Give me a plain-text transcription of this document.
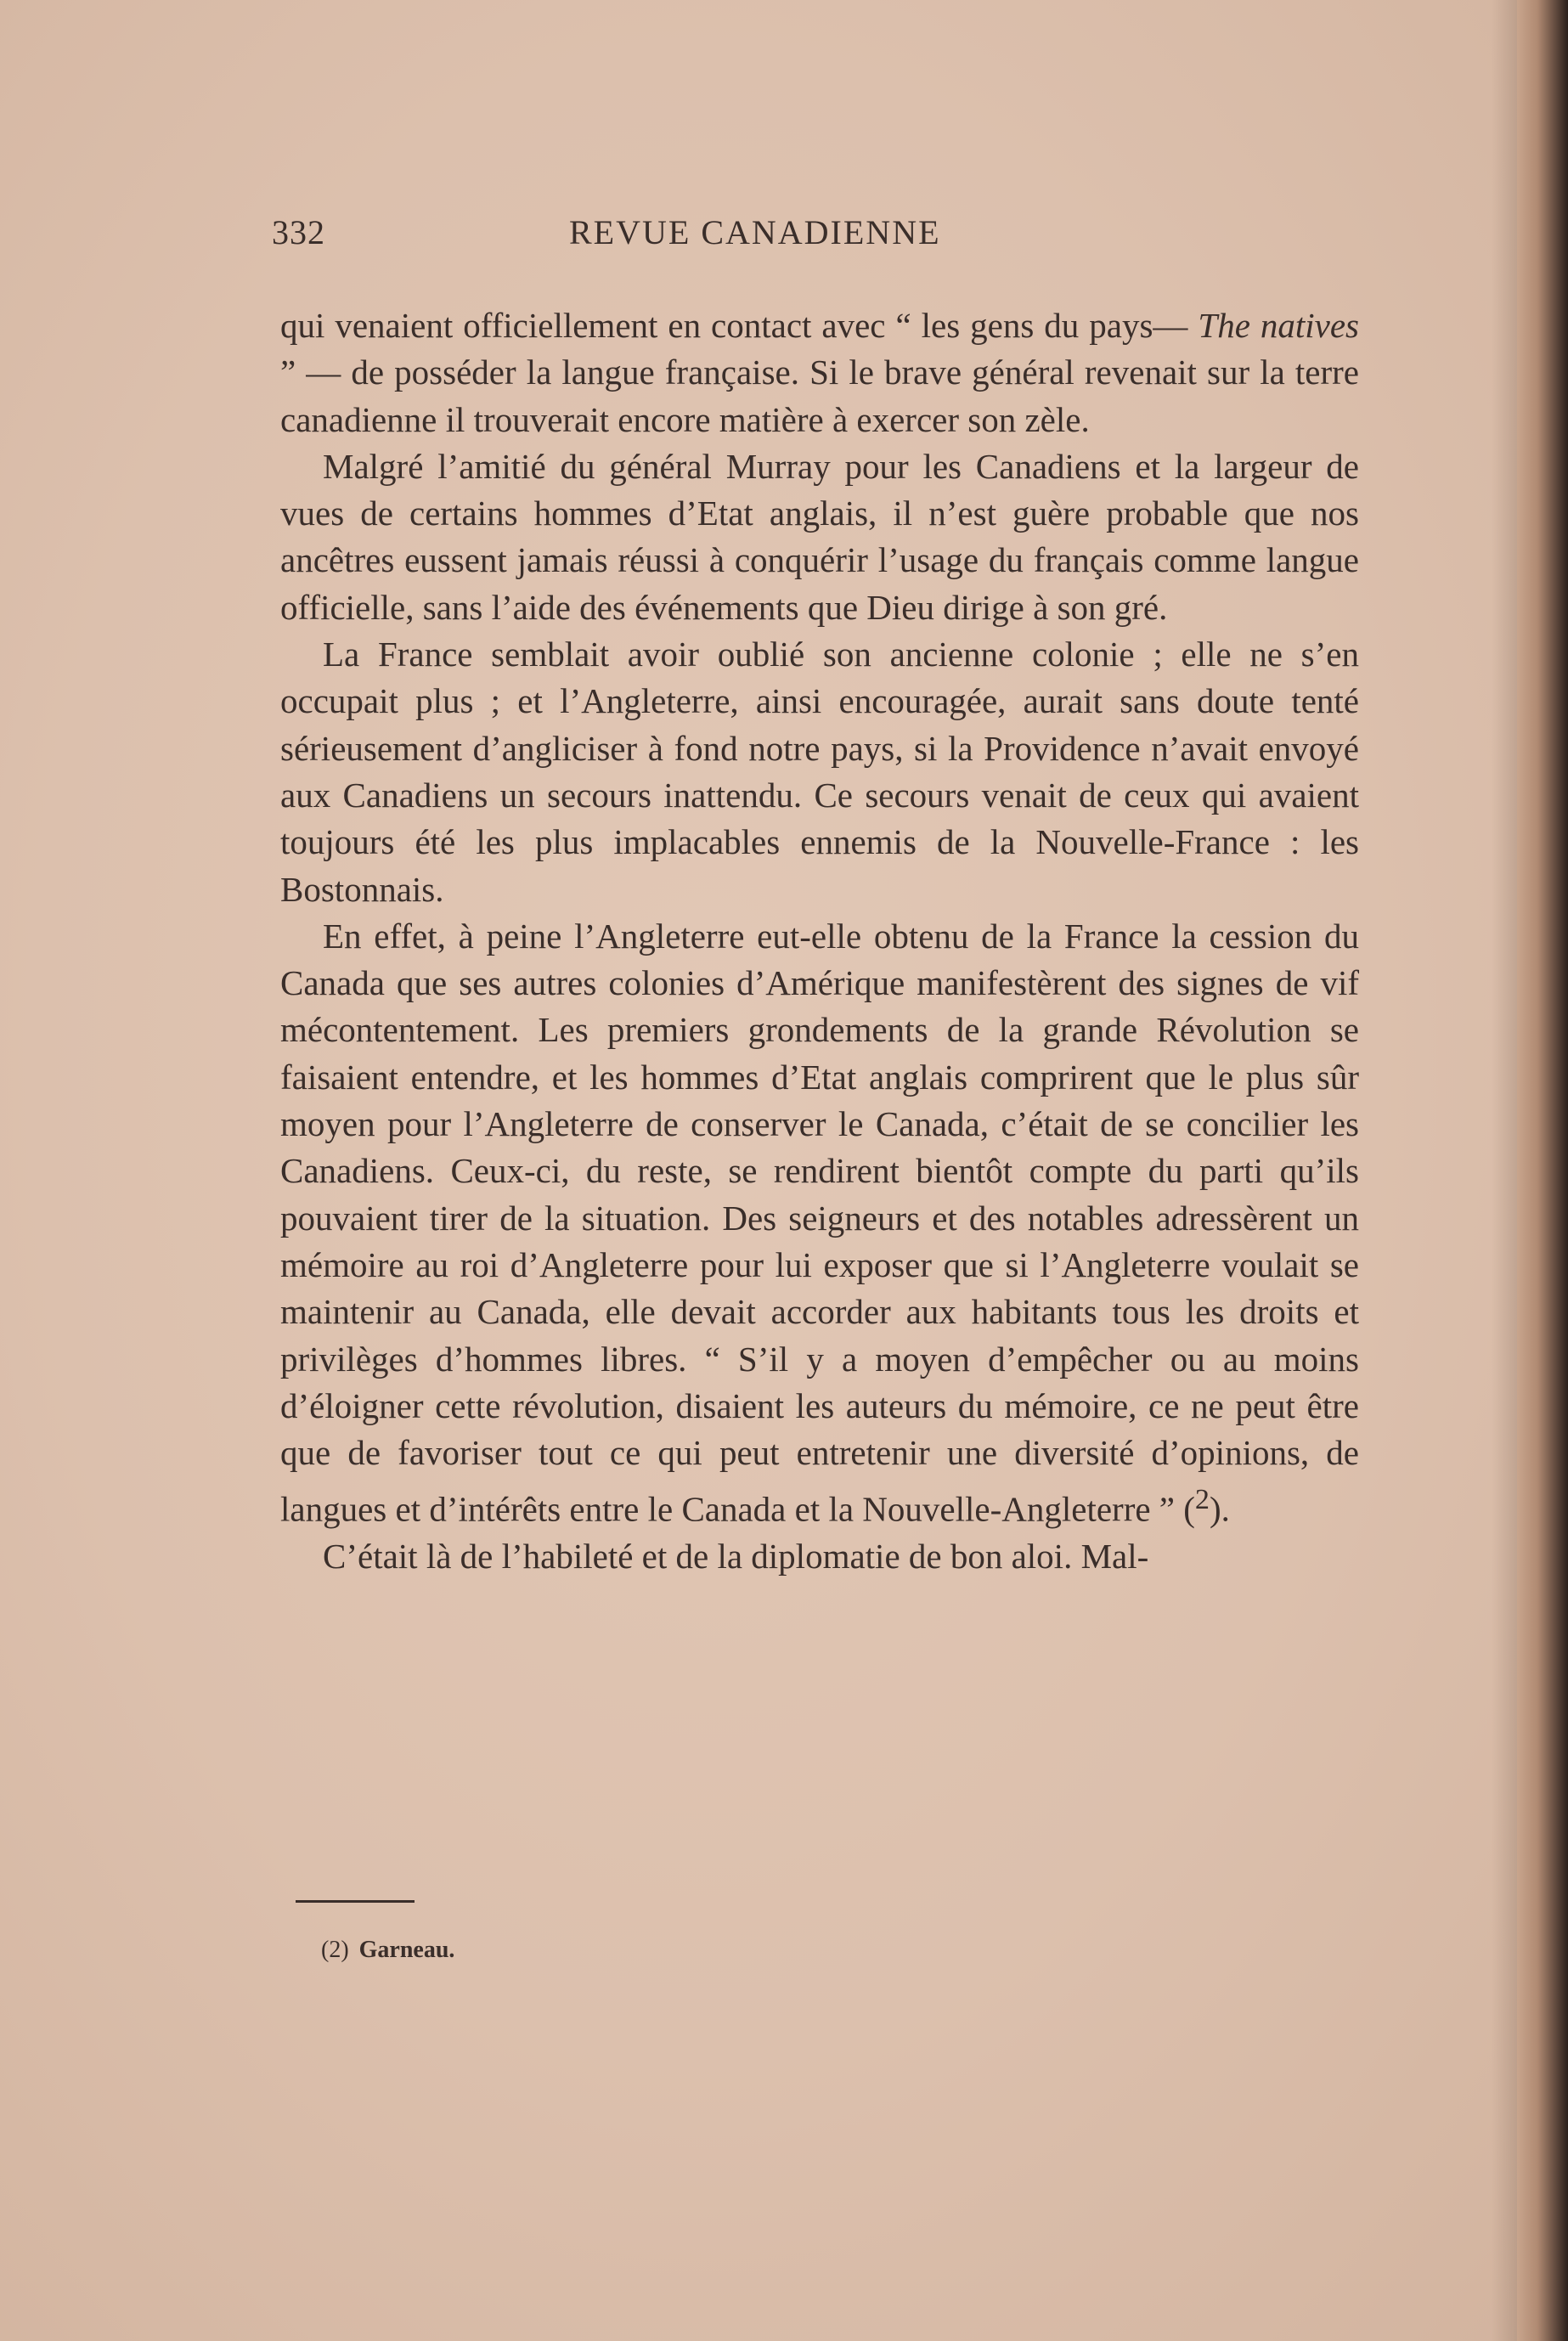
332	REVUE CANADIENNE

qui venaient officiellement en contact avec “ les gens du pays— The natives ” — de posséder la langue française. Si le brave général revenait sur la terre canadienne il trouverait encore matière à exercer son zèle.

Malgré l’amitié du général Murray pour les Canadiens et la largeur de vues de certains hommes d’Etat anglais, il n’est guère probable que nos ancêtres eussent jamais réussi à conquérir l’usage du français comme langue officielle, sans l’aide des événements que Dieu dirige à son gré.

La France semblait avoir oublié son ancienne colonie ; elle ne s’en occupait plus ; et l’Angleterre, ainsi encouragée, aurait sans doute tenté sérieusement d’angliciser à fond notre pays, si la Providence n’avait envoyé aux Canadiens un secours inattendu. Ce secours venait de ceux qui avaient toujours été les plus implacables ennemis de la Nouvelle-France : les Bostonnais.

En effet, à peine l’Angleterre eut-elle obtenu de la France la cession du Canada que ses autres colonies d’Amérique manifestèrent des signes de vif mécontentement. Les premiers grondements de la grande Révolution se faisaient entendre, et les hommes d’Etat anglais comprirent que le plus sûr moyen pour l’Angleterre de conserver le Canada, c’était de se concilier les Canadiens. Ceux-ci, du reste, se rendirent bientôt compte du parti qu’ils pouvaient tirer de la situation. Des seigneurs et des notables adressèrent un mémoire au roi d’Angleterre pour lui exposer que si l’Angleterre voulait se maintenir au Canada, elle devait accorder aux habitants tous les droits et privilèges d’hommes libres. “ S’il y a moyen d’empêcher ou au moins d’éloigner cette révolution, disaient les auteurs du mémoire, ce ne peut être que de favoriser tout ce qui peut entretenir une diversité d’opinions, de langues et d’intérêts entre le Canada et la Nouvelle-Angleterre ” ($^2$).

C’était là de l’habileté et de la diplomatie de bon aloi. Mal-

(2) Garneau.
